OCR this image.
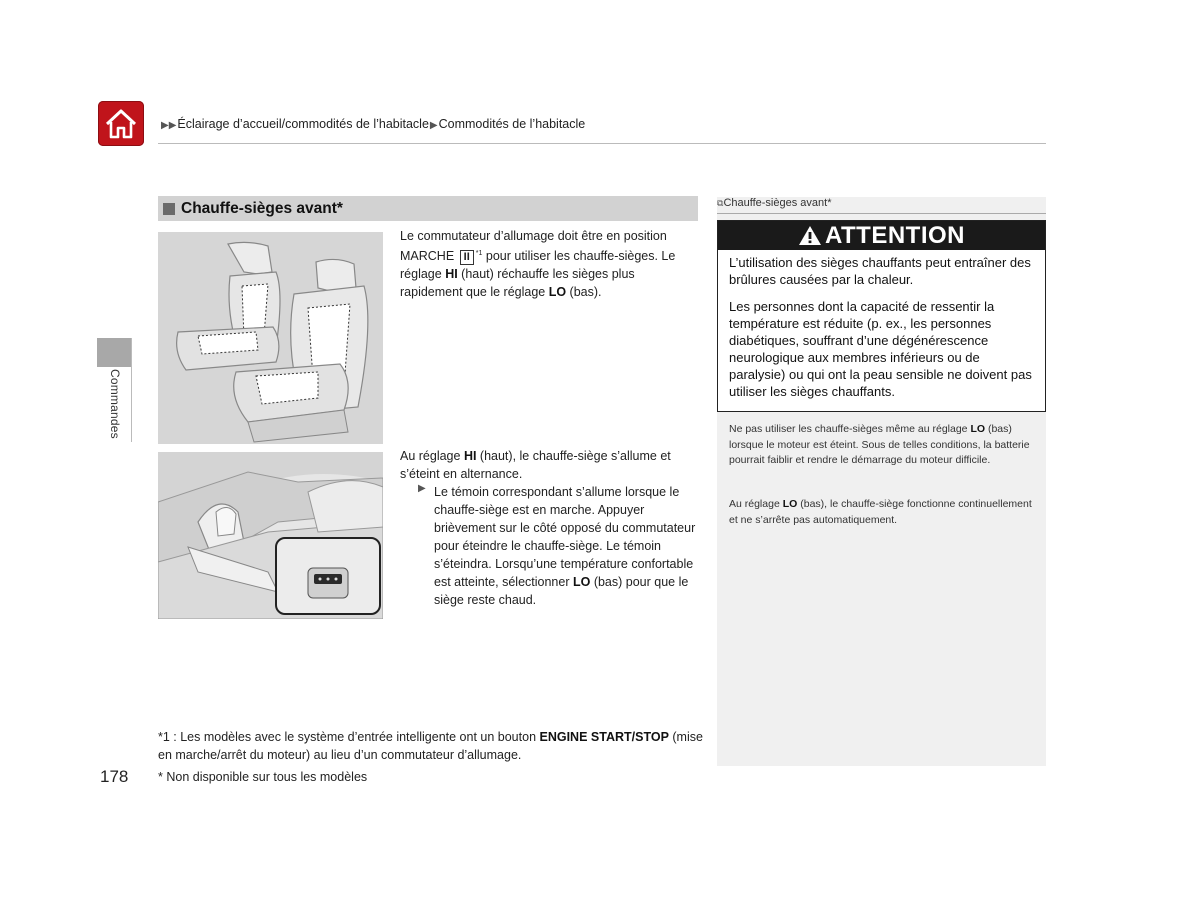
▶▶Éclairage d’accueil/commodités de l’habitacle▶Commodités de l’habitacle
Commandes
Chauffe-sièges avant*
Le commutateur d’allumage doit être en position MARCHE II $^{*1}$ pour utiliser les chauffe-sièges. Le réglage HI (haut) réchauffe les sièges plus rapidement que le réglage LO (bas).
Au réglage HI (haut), le chauffe-siège s’allume et s’éteint en alternance.
▶ Le témoin correspondant s’allume lorsque le chauffe-siège est en marche. Appuyer brièvement sur le côté opposé du commutateur pour éteindre le chauffe-siège. Le témoin s’éteindra. Lorsqu’une température confortable est atteinte, sélectionner LO (bas) pour que le siège reste chaud.
⧉Chauffe-sièges avant*
ATTENTION
L’utilisation des sièges chauffants peut entraîner des brûlures causées par la chaleur.
Les personnes dont la capacité de ressentir la température est réduite (p. ex., les personnes diabétiques, souffrant d’une dégénérescence neurologique aux membres inférieurs ou de paralysie) ou qui ont la peau sensible ne doivent pas utiliser les sièges chauffants.
Ne pas utiliser les chauffe-sièges même au réglage LO (bas) lorsque le moteur est éteint. Sous de telles conditions, la batterie pourrait faiblir et rendre le démarrage du moteur difficile.
Au réglage LO (bas), le chauffe-siège fonctionne continuellement et ne s’arrête pas automatiquement.
*1 : Les modèles avec le système d’entrée intelligente ont un bouton ENGINE START/STOP (mise en marche/arrêt du moteur) au lieu d’un commutateur d’allumage.
178 * Non disponible sur tous les modèles
